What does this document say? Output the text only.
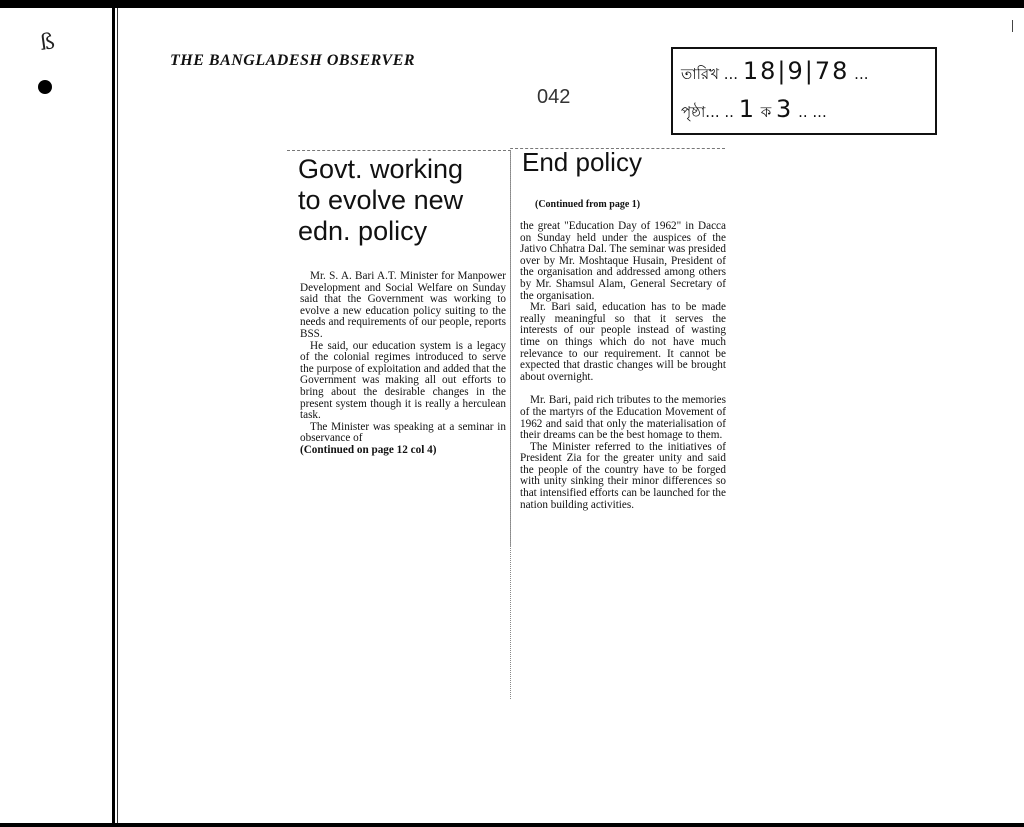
ß
THE BANGLADESH OBSERVER
042
তারিখ ... 18|9|78 ...
পৃষ্ঠা... .. 1 ক 3 .. ...
Govt. working
to evolve new
edn. policy

Mr. S. A. Bari A.T. Minister for Manpower Development and Social Welfare on Sunday said that the Government was working to evolve a new education policy suiting to the needs and requirements of our people, reports BSS.

He said, our education system is a legacy of the colonial regimes introduced to serve the purpose of exploitation and added that the Government was making all out efforts to bring about the desirable changes in the present system though it is really a herculean task.

The Minister was speaking at a seminar in observance of

(Continued on page 12 col 4)

End policy
(Continued from page 1)

the great "Education Day of 1962" in Dacca on Sunday held under the auspices of the Jativo Chhatra Dal. The seminar was presided over by Mr. Moshtaque Husain, President of the organisation and addressed among others by Mr. Shamsul Alam, General Secretary of the organisation.

Mr. Bari said, education has to be made really meaningful so that it serves the interests of our people instead of wasting time on things which do not have much relevance to our requirement. It cannot be expected that drastic changes will be brought about overnight.

Mr. Bari, paid rich tributes to the memories of the martyrs of the Education Movement of 1962 and said that only the materialisation of their dreams can be the best homage to them.

The Minister referred to the initiatives of President Zia for the greater unity and said the people of the country have to be forged with unity sinking their minor differences so that intensified efforts can be launched for the nation building activities.
